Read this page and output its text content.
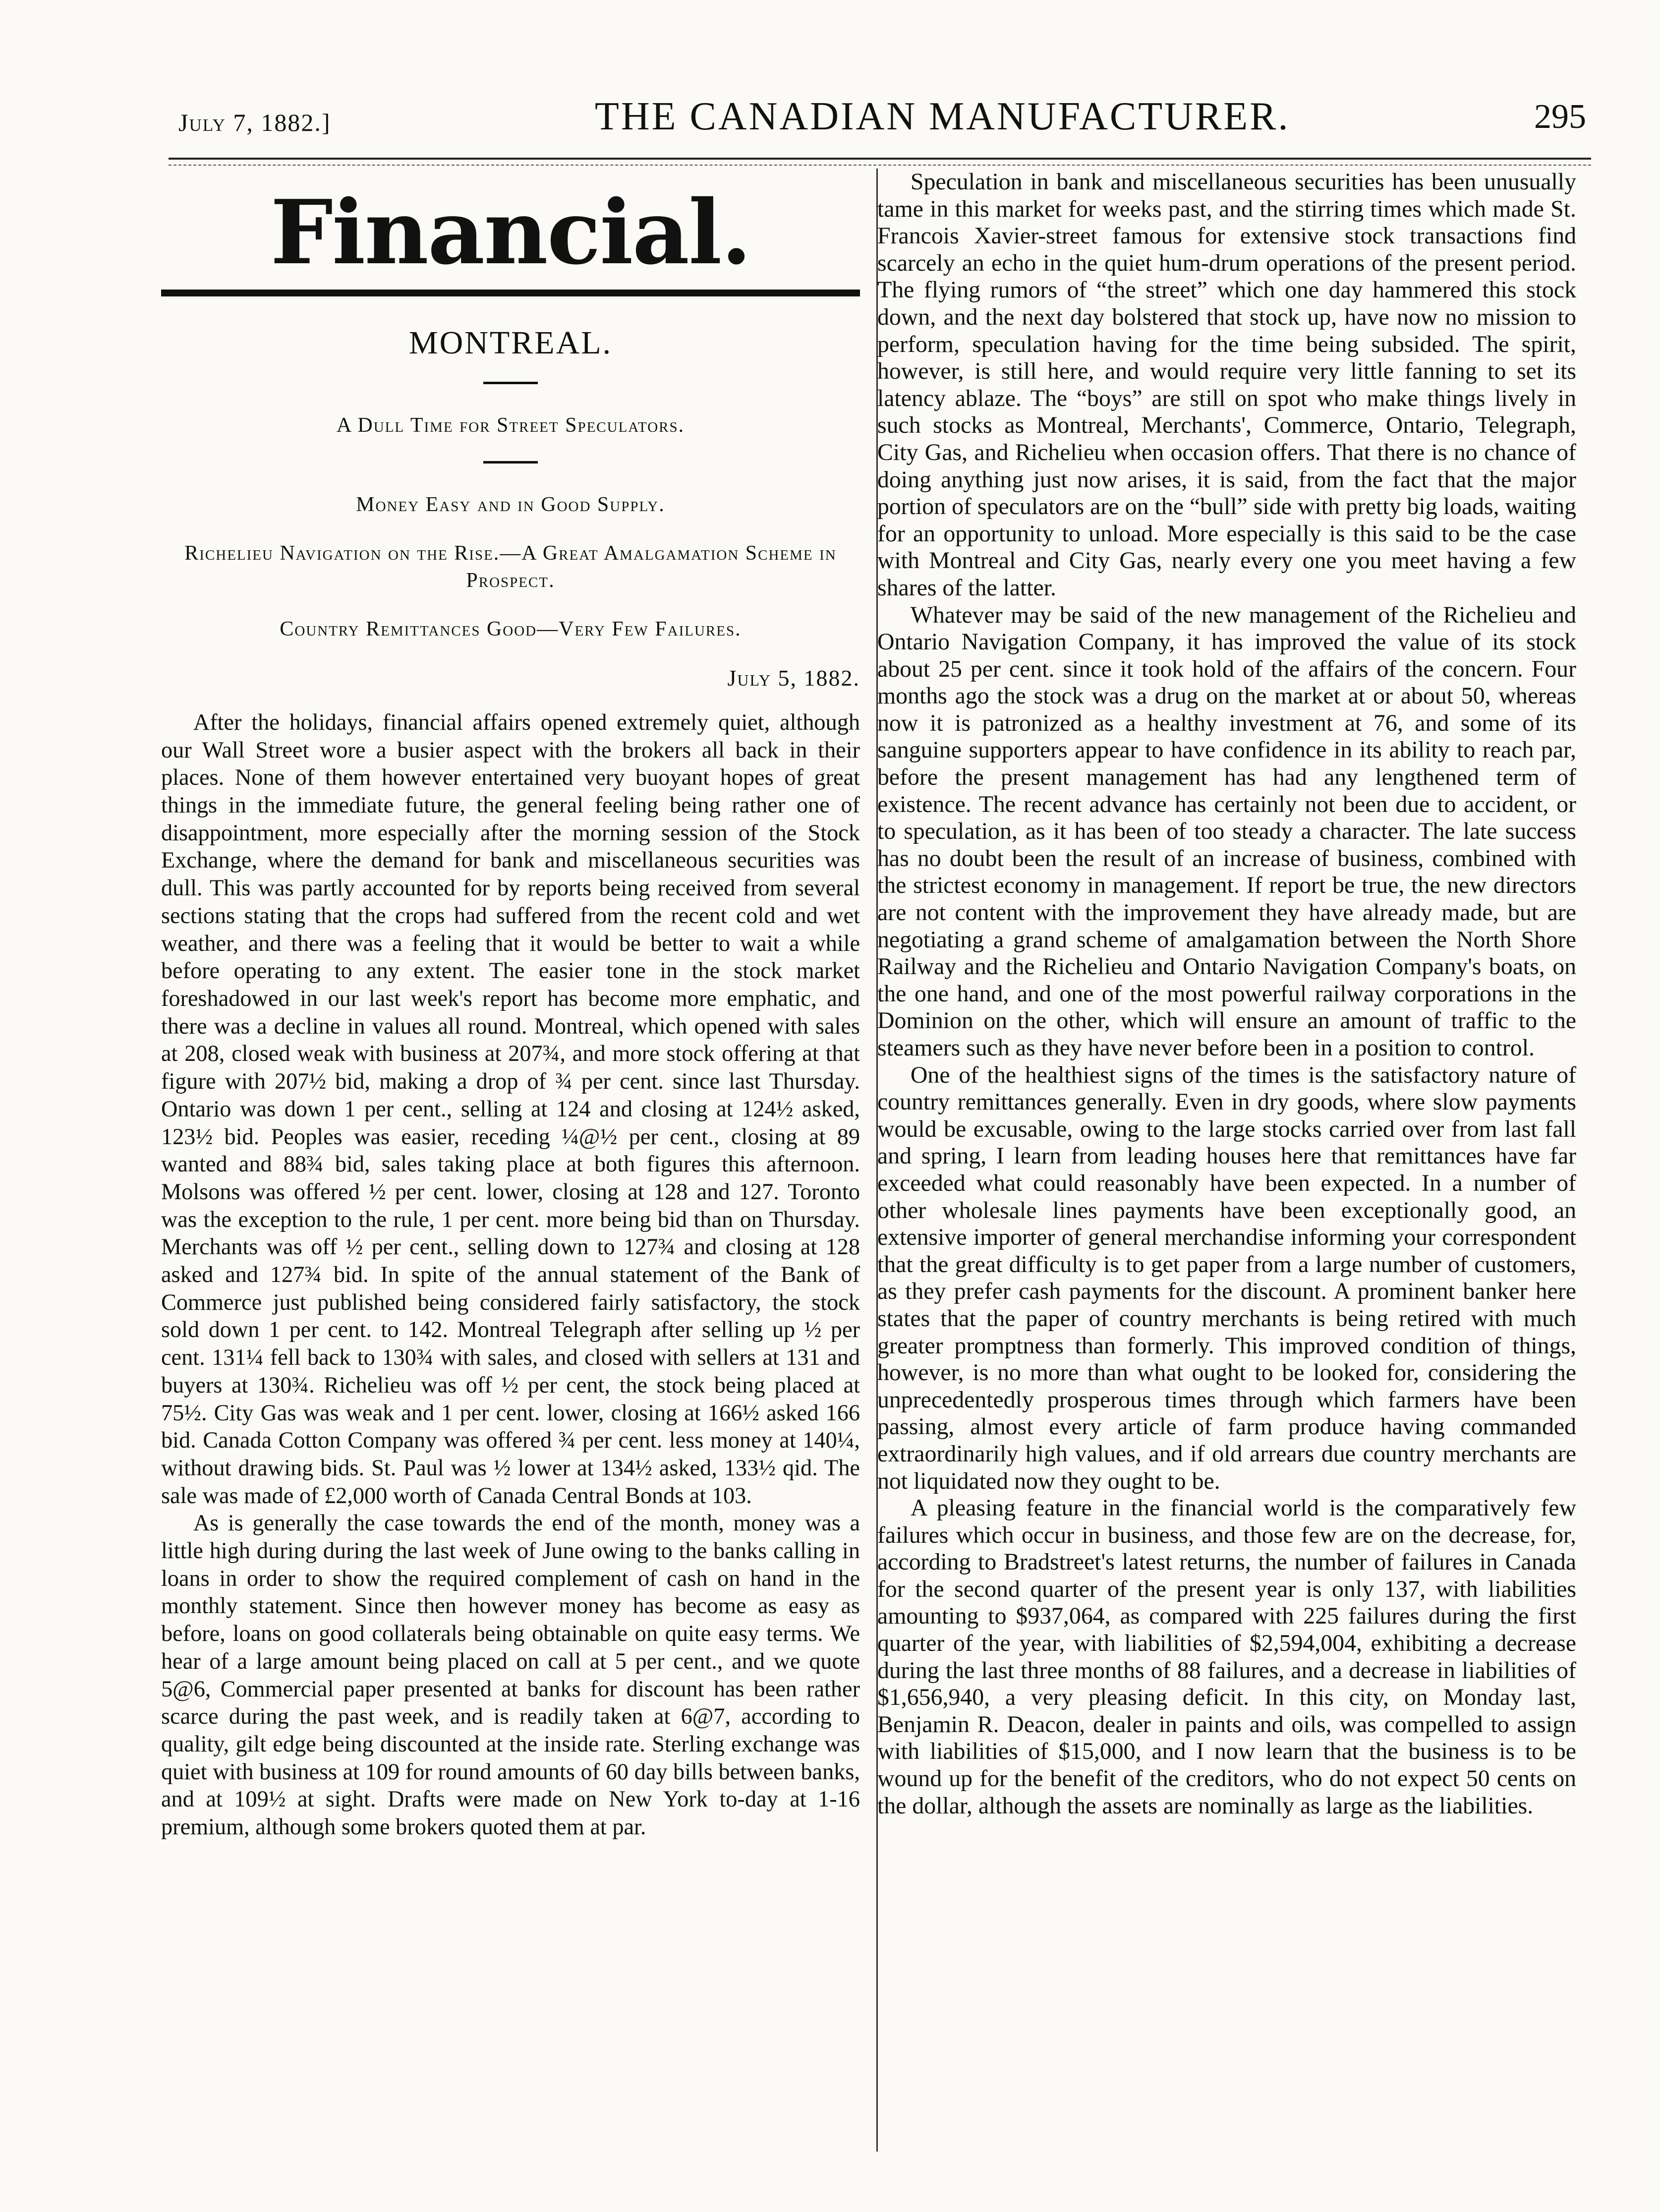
July 7, 1882.]	THE CANADIAN MANUFACTURER.	295
Financial.
MONTREAL.
A Dull Time for Street Speculators.
Money Easy and in Good Supply.
Richelieu Navigation on the Rise.—A Great Amalgamation Scheme in Prospect.
Country Remittances Good—Very Few Failures.
July 5, 1882.

After the holidays, financial affairs opened extremely quiet, although our Wall Street wore a busier aspect with the brokers all back in their places. None of them however entertained very buoyant hopes of great things in the immediate future, the general feeling being rather one of disappointment, more especially after the morning session of the Stock Exchange, where the demand for bank and miscellaneous securities was dull. This was partly accounted for by reports being received from several sections stating that the crops had suffered from the recent cold and wet weather, and there was a feeling that it would be better to wait a while before operating to any extent. The easier tone in the stock market foreshadowed in our last week's report has become more emphatic, and there was a decline in values all round. Montreal, which opened with sales at 208, closed weak with business at 207¾, and more stock offering at that figure with 207½ bid, making a drop of ¾ per cent. since last Thursday. Ontario was down 1 per cent., selling at 124 and closing at 124½ asked, 123½ bid. Peoples was easier, receding ¼@½ per cent., closing at 89 wanted and 88¾ bid, sales taking place at both figures this afternoon. Molsons was offered ½ per cent. lower, closing at 128 and 127. Toronto was the exception to the rule, 1 per cent. more being bid than on Thursday. Merchants was off ½ per cent., selling down to 127¾ and closing at 128 asked and 127¾ bid. In spite of the annual statement of the Bank of Commerce just published being considered fairly satisfactory, the stock sold down 1 per cent. to 142. Montreal Telegraph after selling up ½ per cent. 131¼ fell back to 130¾ with sales, and closed with sellers at 131 and buyers at 130¾. Richelieu was off ½ per cent, the stock being placed at 75½. City Gas was weak and 1 per cent. lower, closing at 166½ asked 166 bid. Canada Cotton Company was offered ¾ per cent. less money at 140¼, without drawing bids. St. Paul was ½ lower at 134½ asked, 133½ qid. The sale was made of £2,000 worth of Canada Central Bonds at 103.

As is generally the case towards the end of the month, money was a little high during during the last week of June owing to the banks calling in loans in order to show the required complement of cash on hand in the monthly statement. Since then however money has become as easy as before, loans on good collaterals being obtainable on quite easy terms. We hear of a large amount being placed on call at 5 per cent., and we quote 5@6, Commercial paper presented at banks for discount has been rather scarce during the past week, and is readily taken at 6@7, according to quality, gilt edge being discounted at the inside rate. Sterling exchange was quiet with business at 109 for round amounts of 60 day bills between banks, and at 109½ at sight. Drafts were made on New York to-day at 1-16 premium, although some brokers quoted them at par.

Speculation in bank and miscellaneous securities has been unusually tame in this market for weeks past, and the stirring times which made St. Francois Xavier-street famous for extensive stock transactions find scarcely an echo in the quiet hum-drum operations of the present period. The flying rumors of “the street” which one day hammered this stock down, and the next day bolstered that stock up, have now no mission to perform, speculation having for the time being subsided. The spirit, however, is still here, and would require very little fanning to set its latency ablaze. The “boys” are still on spot who make things lively in such stocks as Montreal, Merchants', Commerce, Ontario, Telegraph, City Gas, and Richelieu when occasion offers. That there is no chance of doing anything just now arises, it is said, from the fact that the major portion of speculators are on the “bull” side with pretty big loads, waiting for an opportunity to unload. More especially is this said to be the case with Montreal and City Gas, nearly every one you meet having a few shares of the latter.

Whatever may be said of the new management of the Richelieu and Ontario Navigation Company, it has improved the value of its stock about 25 per cent. since it took hold of the affairs of the concern. Four months ago the stock was a drug on the market at or about 50, whereas now it is patronized as a healthy investment at 76, and some of its sanguine supporters appear to have confidence in its ability to reach par, before the present management has had any lengthened term of existence. The recent advance has certainly not been due to accident, or to speculation, as it has been of too steady a character. The late success has no doubt been the result of an increase of business, combined with the strictest economy in management. If report be true, the new directors are not content with the improvement they have already made, but are negotiating a grand scheme of amalgamation between the North Shore Railway and the Richelieu and Ontario Navigation Company's boats, on the one hand, and one of the most powerful railway corporations in the Dominion on the other, which will ensure an amount of traffic to the steamers such as they have never before been in a position to control.

One of the healthiest signs of the times is the satisfactory nature of country remittances generally. Even in dry goods, where slow payments would be excusable, owing to the large stocks carried over from last fall and spring, I learn from leading houses here that remittances have far exceeded what could reasonably have been expected. In a number of other wholesale lines payments have been exceptionally good, an extensive importer of general merchandise informing your correspondent that the great difficulty is to get paper from a large number of customers, as they prefer cash payments for the discount. A prominent banker here states that the paper of country merchants is being retired with much greater promptness than formerly. This improved condition of things, however, is no more than what ought to be looked for, considering the unprecedentedly prosperous times through which farmers have been passing, almost every article of farm produce having commanded extraordinarily high values, and if old arrears due country merchants are not liquidated now they ought to be.

A pleasing feature in the financial world is the comparatively few failures which occur in business, and those few are on the decrease, for, according to Bradstreet's latest returns, the number of failures in Canada for the second quarter of the present year is only 137, with liabilities amounting to $937,064, as compared with 225 failures during the first quarter of the year, with liabilities of $2,594,004, exhibiting a decrease during the last three months of 88 failures, and a decrease in liabilities of $1,656,940, a very pleasing deficit. In this city, on Monday last, Benjamin R. Deacon, dealer in paints and oils, was compelled to assign with liabilities of $15,000, and I now learn that the business is to be wound up for the benefit of the creditors, who do not expect 50 cents on the dollar, although the assets are nominally as large as the liabilities.
